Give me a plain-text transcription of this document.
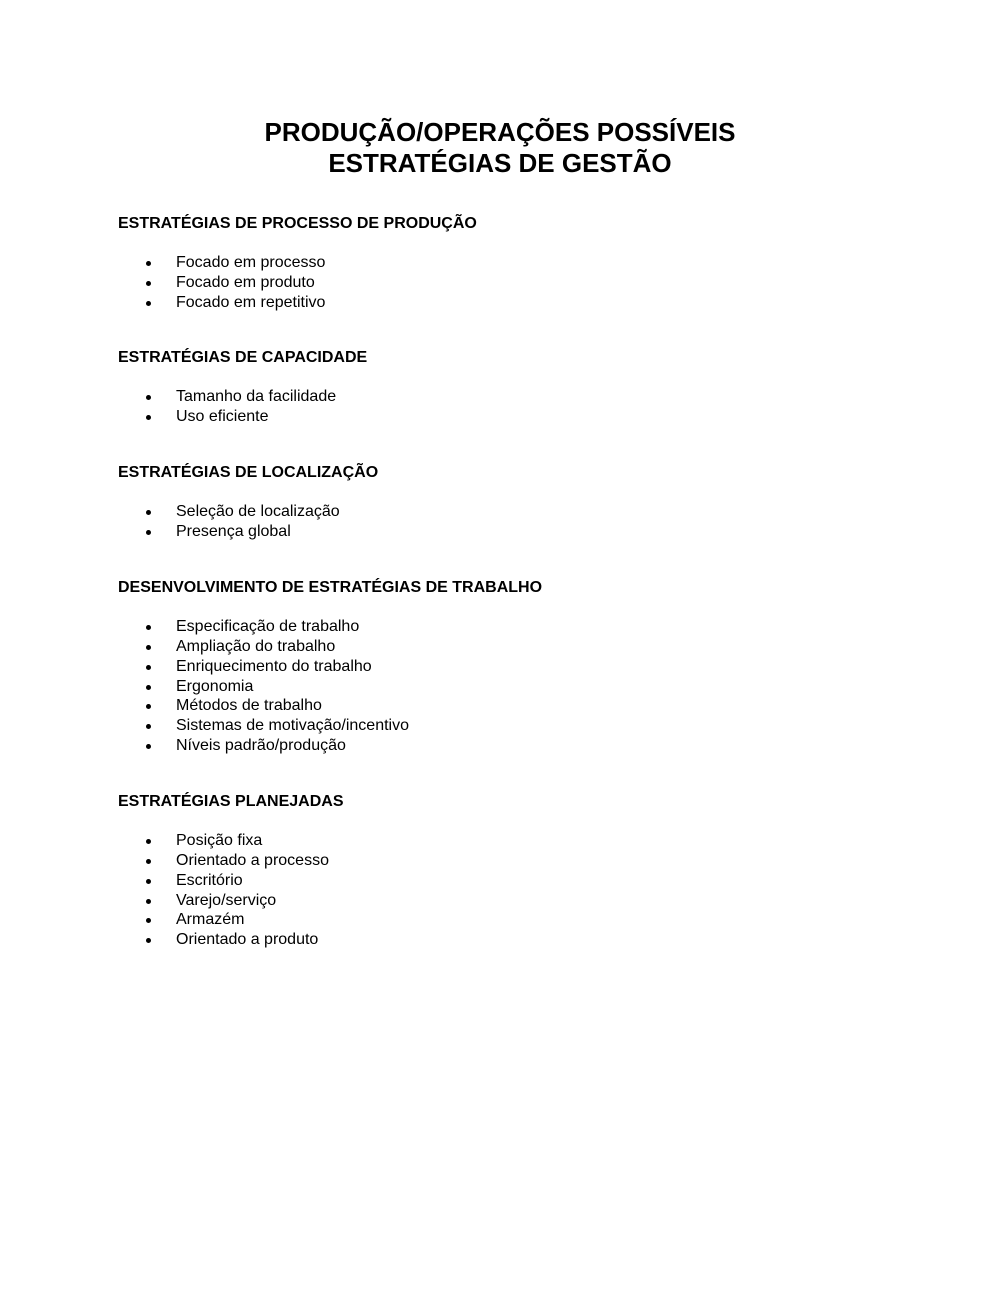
PRODUÇÃO/OPERAÇÕES POSSÍVEIS
ESTRATÉGIAS DE GESTÃO
ESTRATÉGIAS DE PROCESSO DE PRODUÇÃO
Focado em processo
Focado em produto
Focado em repetitivo
ESTRATÉGIAS DE CAPACIDADE
Tamanho da facilidade
Uso eficiente
ESTRATÉGIAS DE LOCALIZAÇÃO
Seleção de localização
Presença global
DESENVOLVIMENTO DE ESTRATÉGIAS DE TRABALHO
Especificação de trabalho
Ampliação do trabalho
Enriquecimento do trabalho
Ergonomia
Métodos de trabalho
Sistemas de motivação/incentivo
Níveis padrão/produção
ESTRATÉGIAS PLANEJADAS
Posição fixa
Orientado a processo
Escritório
Varejo/serviço
Armazém
Orientado a produto
